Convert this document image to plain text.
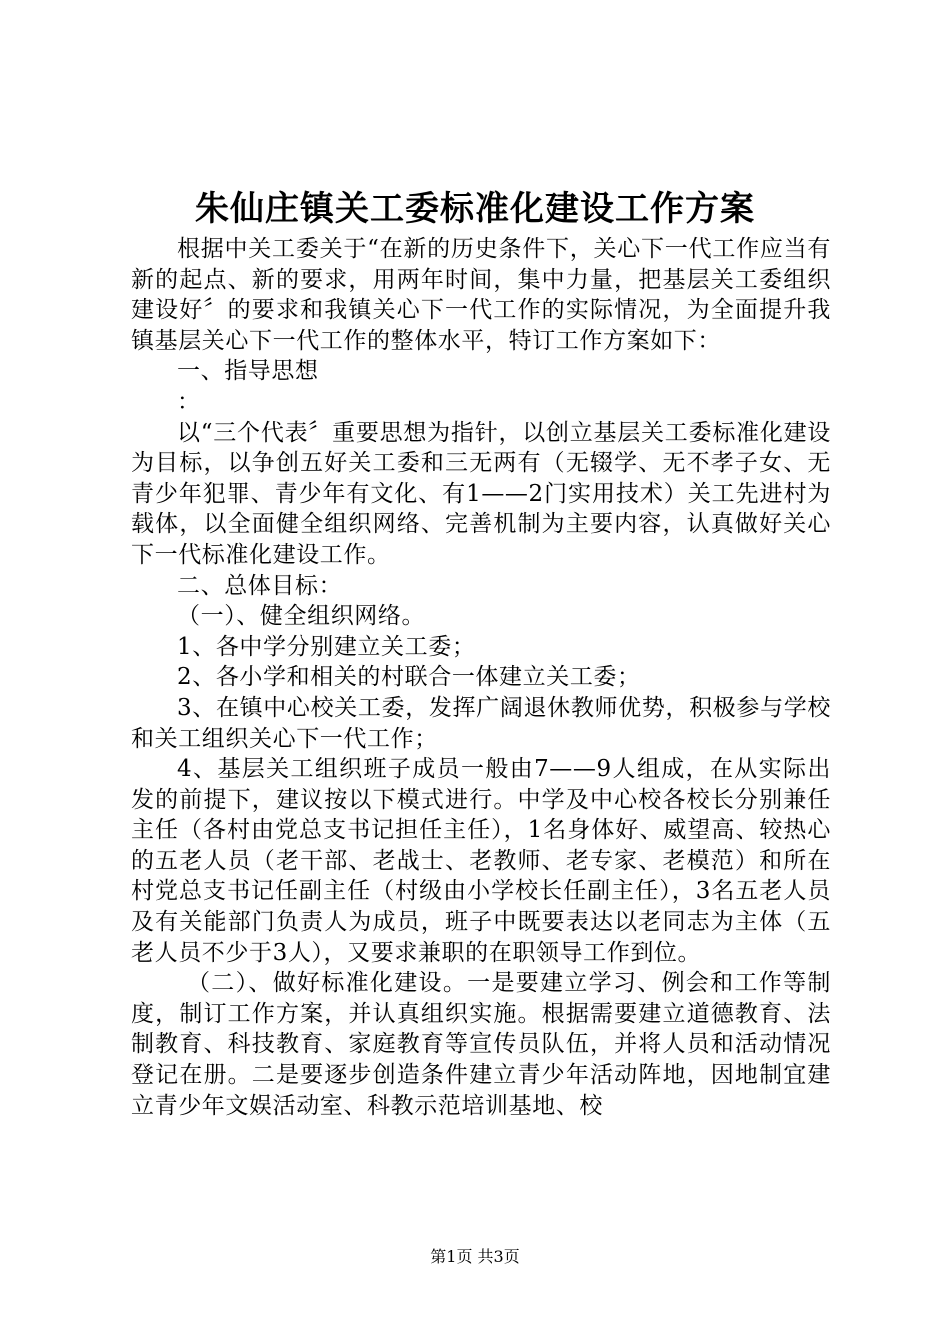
朱仙庄镇关工委标准化建设工作方案

根据中关工委关于“在新的历史条件下，关心下一代工作应当有新的起点、新的要求，用两年时间，集中力量，把基层关工委组织建设好〞的要求和我镇关心下一代工作的实际情况，为全面提升我镇基层关心下一代工作的整体水平，特订工作方案如下：

一、指导思想

：

以“三个代表〞重要思想为指针，以创立基层关工委标准化建设为目标，以争创五好关工委和三无两有（无辍学、无不孝子女、无青少年犯罪、青少年有文化、有1——2门实用技术）关工先进村为载体，以全面健全组织网络、完善机制为主要内容，认真做好关心下一代标准化建设工作。

二、总体目标：

（一）、健全组织网络。

1、各中学分别建立关工委；

2、各小学和相关的村联合一体建立关工委；

3、在镇中心校关工委，发挥广阔退休教师优势，积极参与学校和关工组织关心下一代工作；

4、基层关工组织班子成员一般由7——9人组成，在从实际出发的前提下，建议按以下模式进行。中学及中心校各校长分别兼任主任（各村由党总支书记担任主任），1名身体好、威望高、较热心的五老人员（老干部、老战士、老教师、老专家、老模范）和所在村党总支书记任副主任（村级由小学校长任副主任），3名五老人员及有关能部门负责人为成员，班子中既要表达以老同志为主体（五老人员不少于3人），又要求兼职的在职领导工作到位。

（二）、做好标准化建设。一是要建立学习、例会和工作等制度，制订工作方案，并认真组织实施。根据需要建立道德教育、法制教育、科技教育、家庭教育等宣传员队伍，并将人员和活动情况登记在册。二是要逐步创造条件建立青少年活动阵地，因地制宜建立青少年文娱活动室、科教示范培训基地、校

第1页 共3页
